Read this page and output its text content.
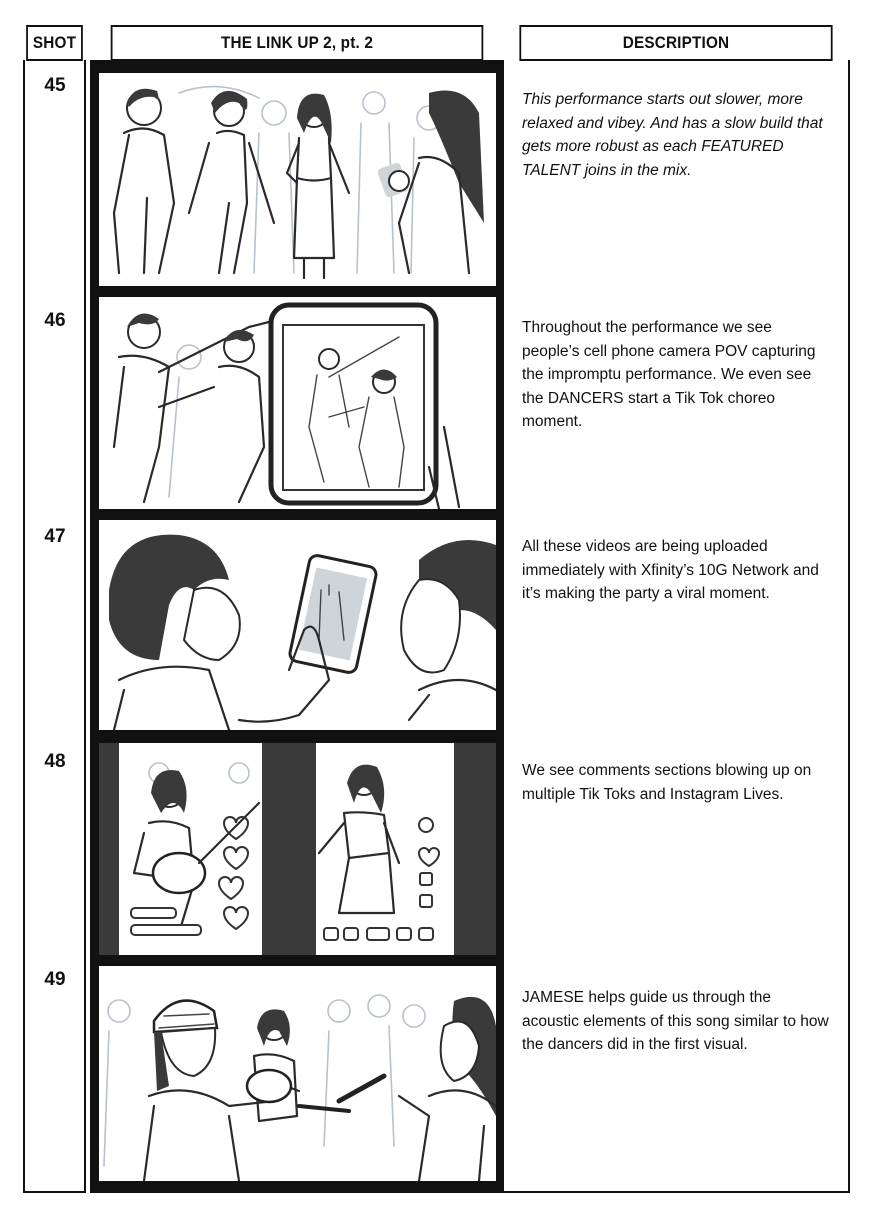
SHOT	THE LINK UP 2, pt. 2	DESCRIPTION
45
46
47
48
49
This performance starts out slower, more relaxed and vibey. And has a slow build that gets more robust as each FEATURED TALENT joins in the mix.
Throughout the performance we see people’s cell phone camera POV capturing the impromptu performance. We even see the DANCERS start a Tik Tok choreo moment.
All these videos are being uploaded immediately with Xfinity’s 10G Network and it’s making the party a viral moment.
We see comments sections blowing up on multiple Tik Toks and Instagram Lives.
JAMESE helps guide us through the acoustic elements of this song similar to how the dancers did in the first visual.
